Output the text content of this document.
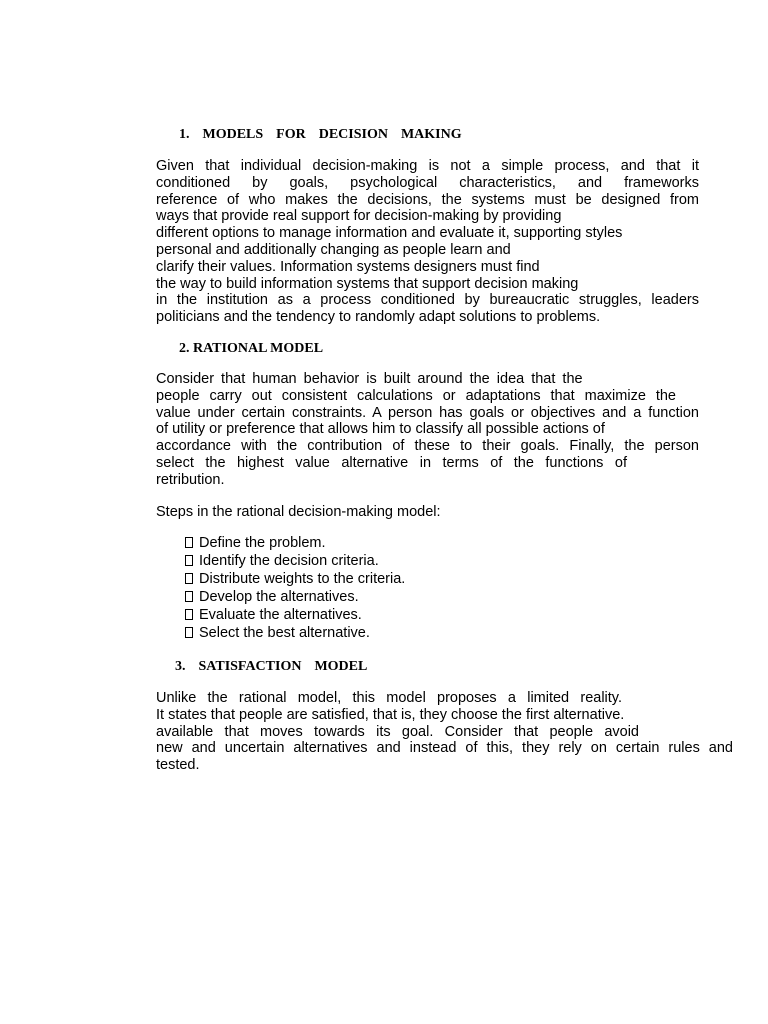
1.  MODELS  FOR  DECISION  MAKING
Given that individual decision-making is not a simple process, and that it
conditioned by goals, psychological characteristics, and frameworks
reference of who makes the decisions, the systems must be designed from
ways that provide real support for decision-making by providing
different options to manage information and evaluate it, supporting styles
personal and additionally changing as people learn and
clarify their values. Information systems designers must find
the way to build information systems that support decision making
in the institution as a process conditioned by bureaucratic struggles, leaders
politicians and the tendency to randomly adapt solutions to problems.
2. RATIONAL MODEL
Consider that human behavior is built around the idea that the
people carry out consistent calculations or adaptations that maximize the
value under certain constraints. A person has goals or objectives and a function
of utility or preference that allows him to classify all possible actions of
accordance with the contribution of these to their goals. Finally, the person
select the highest value alternative in terms of the functions of
retribution.

Steps in the rational decision-making model:

Define the problem.
Identify the decision criteria.
Distribute weights to the criteria.
Develop the alternatives.
Evaluate the alternatives.
Select the best alternative.
3.  SATISFACTION  MODEL
Unlike the rational model, this model proposes a limited reality.
It states that people are satisfied, that is, they choose the first alternative.
available that moves towards its goal. Consider that people avoid
new and uncertain alternatives and instead of this, they rely on certain rules and
tested.
